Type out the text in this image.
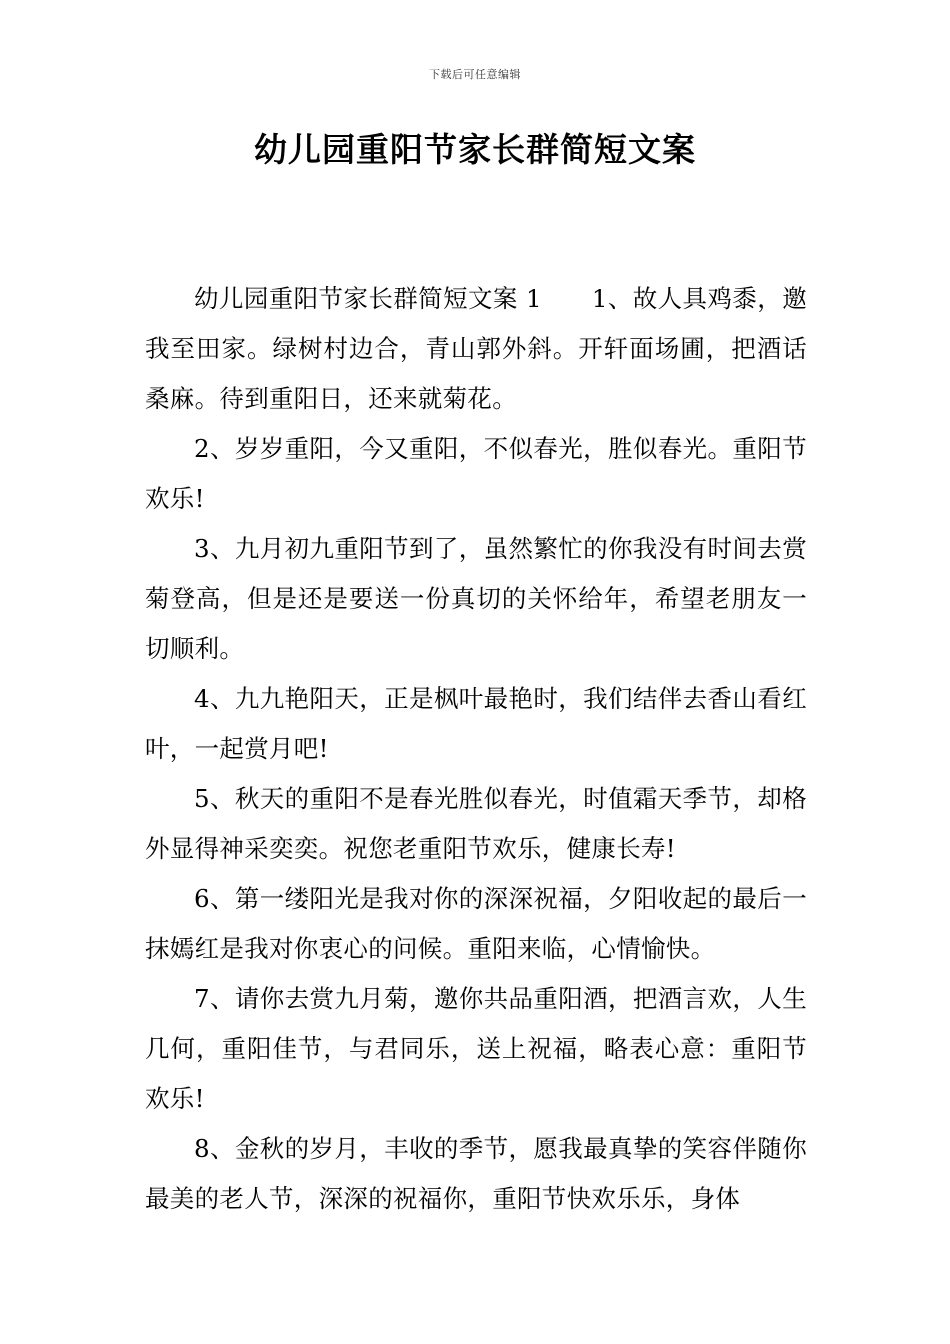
下载后可任意编辑
幼儿园重阳节家长群简短文案

幼儿园重阳节家长群简短文案 1　　1、故人具鸡黍，邀我至田家。绿树村边合，青山郭外斜。开轩面场圃，把酒话桑麻。待到重阳日，还来就菊花。

2、岁岁重阳，今又重阳，不似春光，胜似春光。重阳节欢乐!

3、九月初九重阳节到了，虽然繁忙的你我没有时间去赏菊登高，但是还是要送一份真切的关怀给年，希望老朋友一切顺利。

4、九九艳阳天，正是枫叶最艳时，我们结伴去香山看红叶，一起赏月吧!

5、秋天的重阳不是春光胜似春光，时值霜天季节，却格外显得神采奕奕。祝您老重阳节欢乐，健康长寿!

6、第一缕阳光是我对你的深深祝福，夕阳收起的最后一抹嫣红是我对你衷心的问候。重阳来临，心情愉快。

7、请你去赏九月菊，邀你共品重阳酒，把酒言欢，人生几何，重阳佳节，与君同乐，送上祝福，略表心意：重阳节欢乐!

8、金秋的岁月，丰收的季节，愿我最真挚的笑容伴随你最美的老人节，深深的祝福你，重阳节快欢乐乐，身体
